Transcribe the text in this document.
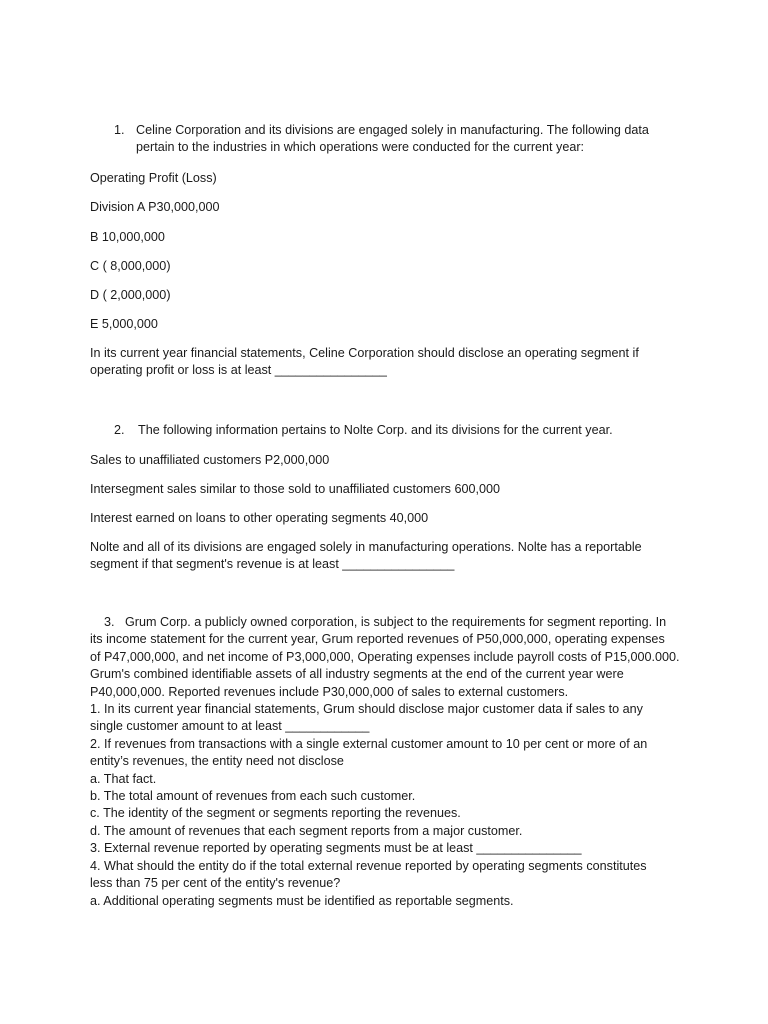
1. Celine Corporation and its divisions are engaged solely in manufacturing. The following data pertain to the industries in which operations were conducted for the current year:

Operating Profit (Loss)

Division A P30,000,000

B 10,000,000

C ( 8,000,000)

D ( 2,000,000)

E 5,000,000

In its current year financial statements, Celine Corporation should disclose an operating segment if operating profit or loss is at least ________________

2. The following information pertains to Nolte Corp. and its divisions for the current year.

Sales to unaffiliated customers P2,000,000

Intersegment sales similar to those sold to unaffiliated customers 600,000

Interest earned on loans to other operating segments 40,000

Nolte and all of its divisions are engaged solely in manufacturing operations. Nolte has a reportable segment if that segment's revenue is at least ________________

3.   Grum Corp. a publicly owned corporation, is subject to the requirements for segment reporting. In
its income statement for the current year, Grum reported revenues of P50,000,000, operating expenses
of P47,000,000, and net income of P3,000,000, Operating expenses include payroll costs of P15,000.000.
Grum's combined identifiable assets of all industry segments at the end of the current year were
P40,000,000. Reported revenues include P30,000,000 of sales to external customers.
1. In its current year financial statements, Grum should disclose major customer data if sales to any
single customer amount to at least ____________
2. If revenues from transactions with a single external customer amount to 10 per cent or more of an
entity’s revenues, the entity need not disclose
a. That fact.
b. The total amount of revenues from each such customer.
c. The identity of the segment or segments reporting the revenues.
d. The amount of revenues that each segment reports from a major customer.
3. External revenue reported by operating segments must be at least _______________
4. What should the entity do if the total external revenue reported by operating segments constitutes
less than 75 per cent of the entity's revenue?
a. Additional operating segments must be identified as reportable segments.
